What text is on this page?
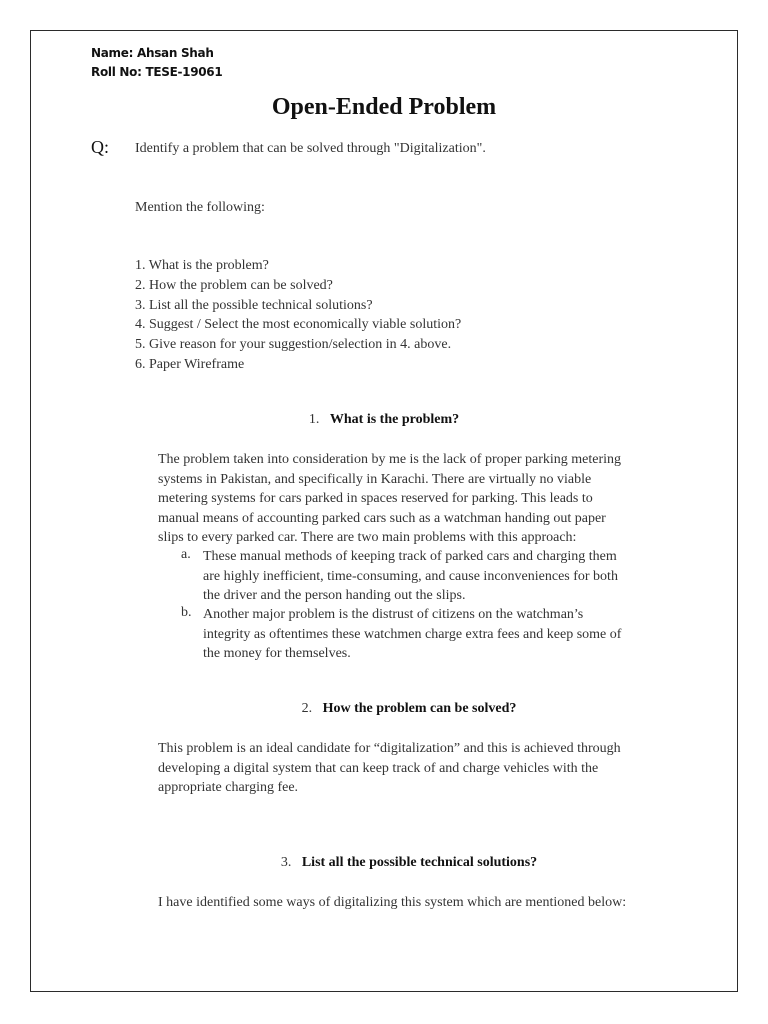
Name: Ahsan Shah
Roll No: TESE-19061
Open-Ended Problem
Q: Identify a problem that can be solved through "Digitalization".
Mention the following:
1. What is the problem?
2. How the problem can be solved?
3. List all the possible technical solutions?
4. Suggest / Select the most economically viable solution?
5. Give reason for your suggestion/selection in 4. above.
6. Paper Wireframe
1. What is the problem?
The problem taken into consideration by me is the lack of proper parking metering
systems in Pakistan, and specifically in Karachi. There are virtually no viable
metering systems for cars parked in spaces reserved for parking. This leads to
manual means of accounting parked cars such as a watchman handing out paper
slips to every parked car. There are two main problems with this approach:
a. These manual methods of keeping track of parked cars and charging them
are highly inefficient, time-consuming, and cause inconveniences for both
the driver and the person handing out the slips.
b. Another major problem is the distrust of citizens on the watchman’s
integrity as oftentimes these watchmen charge extra fees and keep some of
the money for themselves.
2. How the problem can be solved?
This problem is an ideal candidate for “digitalization” and this is achieved through
developing a digital system that can keep track of and charge vehicles with the
appropriate charging fee.
3. List all the possible technical solutions?
I have identified some ways of digitalizing this system which are mentioned below:
